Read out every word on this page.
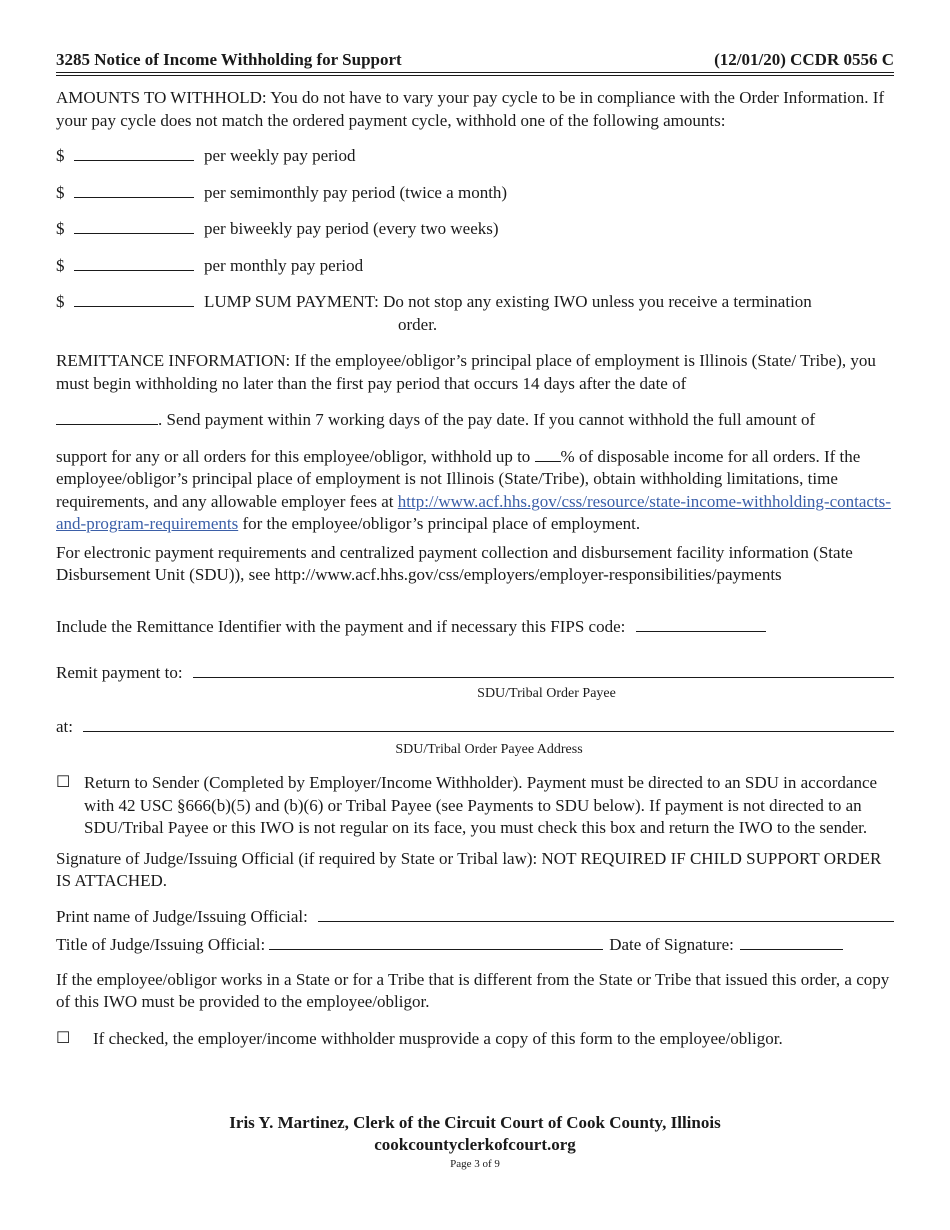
3285 Notice of Income Withholding for Support	(12/01/20) CCDR 0556 C

AMOUNTS TO WITHHOLD: You do not have to vary your pay cycle to be in compliance with the Order Information. If your pay cycle does not match the ordered payment cycle, withhold one of the following amounts:

$	per weekly pay period
$	per semimonthly pay period (twice a month)
$	per biweekly pay period (every two weeks)
$	per monthly pay period
$	LUMP SUM PAYMENT: Do not stop any existing IWO unless you receive a termination
order.

REMITTANCE INFORMATION: If the employee/obligor’s principal place of employment is Illinois (State/ Tribe), you must begin withholding no later than the first pay period that occurs 14 days after the date of

. Send payment within 7 working days of the pay date. If you cannot withhold the full amount of

support for any or all orders for this employee/obligor, withhold up to % of disposable income for all orders. If the employee/obligor’s principal place of employment is not Illinois (State/Tribe), obtain withholding limitations, time requirements, and any allowable employer fees at http://www.acf.hhs.gov/css/resource/state-income-withholding-contacts-and-program-requirements for the employee/obligor’s principal place of employment.

For electronic payment requirements and centralized payment collection and disbursement facility information (State Disbursement Unit (SDU)), see http://www.acf.hhs.gov/css/employers/employer-responsibilities/payments

Include the Remittance Identifier with the payment and if necessary this FIPS code:

Remit payment to:
SDU/Tribal Order Payee
at:
SDU/Tribal Order Payee Address
☐ Return to Sender (Completed by Employer/Income Withholder). Payment must be directed to an SDU in accordance with 42 USC §666(b)(5) and (b)(6) or Tribal Payee (see Payments to SDU below). If payment is not directed to an SDU/Tribal Payee or this IWO is not regular on its face, you must check this box and return the IWO to the sender.

Signature of Judge/Issuing Official (if required by State or Tribal law): NOT REQUIRED IF CHILD SUPPORT ORDER IS ATTACHED.

Print name of Judge/Issuing Official:
Title of Judge/Issuing Official:	Date of Signature:

If the employee/obligor works in a State or for a Tribe that is different from the State or Tribe that issued this order, a copy of this IWO must be provided to the employee/obligor.

☐	If checked, the employer/income withholder musprovide a copy of this form to the employee/obligor.
Iris Y. Martinez, Clerk of the Circuit Court of Cook County, Illinois
cookcountyclerkofcourt.org
Page 3 of 9
